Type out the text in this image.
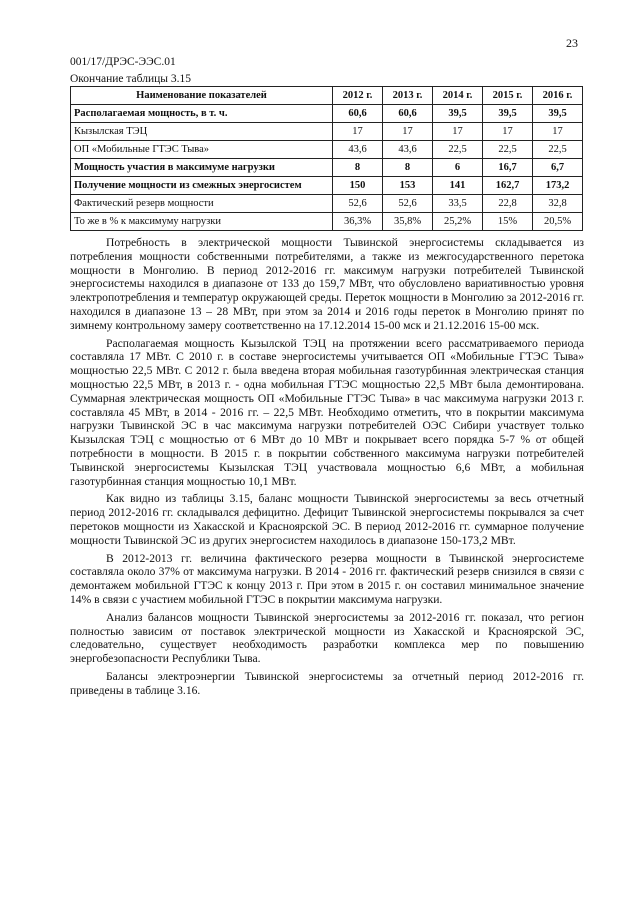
23
001/17/ДРЭС-ЭЭС.01
Окончание таблицы 3.15
Наименование показателей	2012 г.	2013 г.	2014 г.	2015 г.	2016 г.
Располагаемая мощность, в т. ч.	60,6	60,6	39,5	39,5	39,5
Кызылская ТЭЦ	17	17	17	17	17
ОП «Мобильные ГТЭС Тыва»	43,6	43,6	22,5	22,5	22,5
Мощность участия в максимуме нагрузки	8	8	6	16,7	6,7
Получение мощности из смежных энергосистем	150	153	141	162,7	173,2
Фактический резерв мощности	52,6	52,6	33,5	22,8	32,8
То же в % к максимуму нагрузки	36,3%	35,8%	25,2%	15%	20,5%

Потребность в электрической мощности Тывинской энергосистемы складывается из потребления мощности собственными потребителями, а также из межгосударственного перетока мощности в Монголию. В период 2012-2016 гг. максимум нагрузки потребителей Тывинской энергосистемы находился в диапазоне от 133 до 159,7 МВт, что обусловлено вариативностью уровня электропотребления и температур окружающей среды. Переток мощности в Монголию за 2012-2016 гг. находился в диапазоне 13 – 28 МВт, при этом за 2014 и 2016 годы переток в Монголию принят по зимнему контрольному замеру соответственно на 17.12.2014 15-00 мск и 21.12.2016 15-00 мск.

Располагаемая мощность Кызылской ТЭЦ на протяжении всего рассматриваемого периода составляла 17 МВт. С 2010 г. в составе энергосистемы учитывается ОП «Мобильные ГТЭС Тыва» мощностью 22,5 МВт. С 2012 г. была введена вторая мобильная газотурбинная электрическая станция мощностью 22,5 МВт, в 2013 г. - одна мобильная ГТЭС мощностью 22,5 МВт была демонтирована. Суммарная электрическая мощность ОП «Мобильные ГТЭС Тыва» в час максимума нагрузки 2013 г. составляла 45 МВт, в 2014 - 2016 гг. – 22,5 МВт. Необходимо отметить, что в покрытии максимума нагрузки Тывинской ЭС в час максимума нагрузки потребителей ОЭС Сибири участвует только Кызылская ТЭЦ с мощностью от 6 МВт до 10 МВт и покрывает всего порядка 5-7 % от общей потребности в мощности. В 2015 г. в покрытии собственного максимума нагрузки потребителей Тывинской энергосистемы Кызылская ТЭЦ участвовала мощностью 6,6 МВт, а мобильная газотурбинная станция мощностью 10,1 МВт.

Как видно из таблицы 3.15, баланс мощности Тывинской энергосистемы за весь отчетный период 2012-2016 гг. складывался дефицитно. Дефицит Тывинской энергосистемы покрывался за счет перетоков мощности из Хакасской и Красноярской ЭС. В период 2012-2016 гг. суммарное получение мощности Тывинской ЭС из других энергосистем находилось в диапазоне 150-173,2 МВт.

В 2012-2013 гг. величина фактического резерва мощности в Тывинской энергосистеме составляла около 37% от максимума нагрузки. В 2014 - 2016 гг. фактический резерв снизился в связи с демонтажем мобильной ГТЭС к концу 2013 г. При этом в 2015 г. он составил минимальное значение 14% в связи с участием мобильной ГТЭС в покрытии максимума нагрузки.

Анализ балансов мощности Тывинской энергосистемы за 2012-2016 гг. показал, что регион полностью зависим от поставок электрической мощности из Хакасской и Красноярской ЭС, следовательно, существует необходимость разработки комплекса мер по повышению энергобезопасности Республики Тыва.

Балансы электроэнергии Тывинской энергосистемы за отчетный период 2012-2016 гг. приведены в таблице 3.16.
